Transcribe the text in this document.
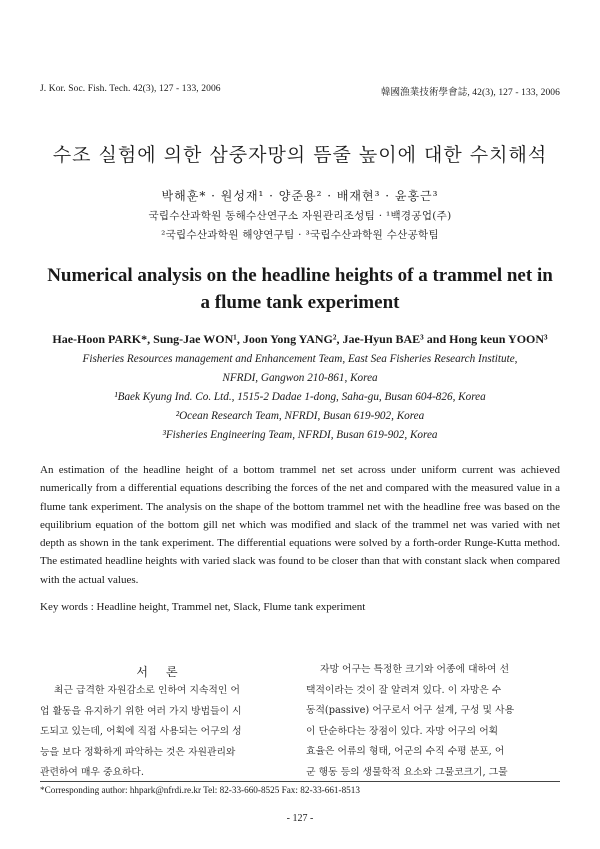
J. Kor. Soc. Fish. Tech. 42(3), 127 - 133, 2006	韓國漁業技術學會誌, 42(3), 127 - 133, 2006
수조 실험에 의한 삼중자망의 뜸줄 높이에 대한 수치해석
박해훈* · 원성재¹ · 양준용² · 배재현³ · 윤홍근³
국립수산과학원 동해수산연구소 자원관리조성팀 · ¹백경공업(주)
²국립수산과학원 해양연구팀 · ³국립수산과학원 수산공학팀
Numerical analysis on the headline heights of a trammel net in
a flume tank experiment
Hae-Hoon PARK*, Sung-Jae WON¹, Joon Yong YANG², Jae-Hyun BAE³ and Hong keun YOON³
Fisheries Resources management and Enhancement Team, East Sea Fisheries Research Institute,
NFRDI, Gangwon 210-861, Korea
¹Baek Kyung Ind. Co. Ltd., 1515-2 Dadae 1-dong, Saha-gu, Busan 604-826, Korea
²Ocean Research Team, NFRDI, Busan 619-902, Korea
³Fisheries Engineering Team, NFRDI, Busan 619-902, Korea
An estimation of the headline height of a bottom trammel net set across under uniform current was achieved numerically from a differential equations describing the forces of the net and compared with the measured value in a flume tank experiment. The analysis on the shape of the bottom trammel net with the headline free was based on the equilibrium equation of the bottom gill net which was modified and slack of the trammel net was varied with net depth as shown in the tank experiment. The differential equations were solved by a forth-order Runge-Kutta method. The estimated headline heights with varied slack was found to be closer than that with constant slack when compared with the actual values.
Key words : Headline height, Trammel net, Slack, Flume tank experiment
서론
최근 급격한 자원감소로 인하여 지속적인 어
업 활동을 유지하기 위한 여러 가지 방법들이 시
도되고 있는데, 어획에 직접 사용되는 어구의 성
능을 보다 정확하게 파악하는 것은 자원관리와
관련하여 매우 중요하다.
자망 어구는 특정한 크기와 어종에 대하여 선
택적이라는 것이 잘 알려져 있다. 이 자망은 수
동적(passive) 어구로서 어구 설계, 구성 및 사용
이 단순하다는 장점이 있다. 자망 어구의 어획
효율은 어류의 형태, 어군의 수직 수평 분포, 어
군 행동 등의 생물학적 요소와 그물코크기, 그물
*Corresponding author: hhpark@nfrdi.re.kr Tel: 82-33-660-8525 Fax: 82-33-661-8513
- 127 -
